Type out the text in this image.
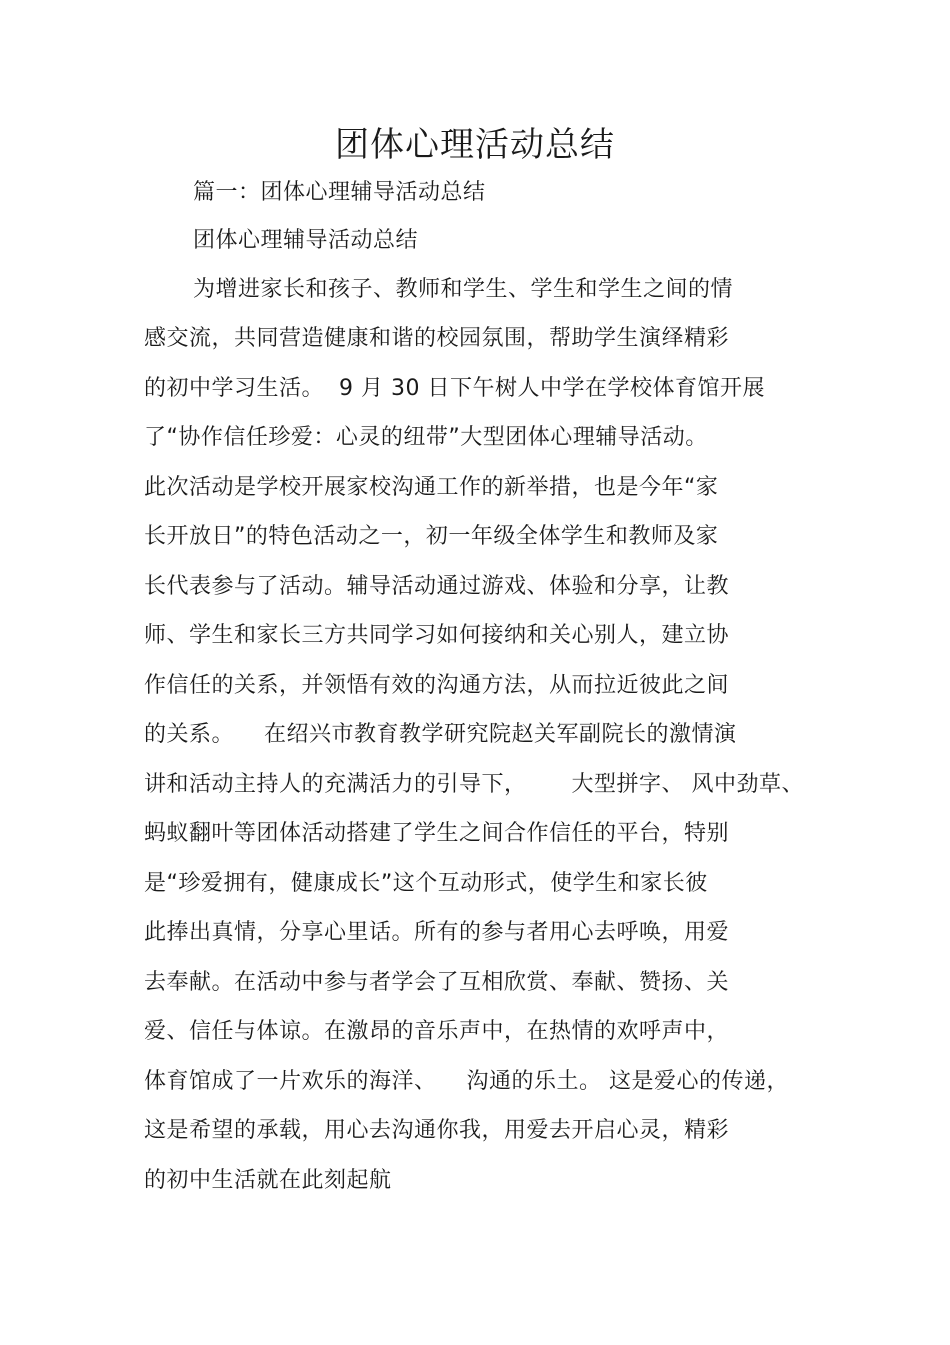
团体心理活动总结
篇一：团体心理辅导活动总结
团体心理辅导活动总结
为增进家长和孩子、教师和学生、学生和学生之间的情
感交流，共同营造健康和谐的校园氛围，帮助学生演绎精彩
的初中学习生活。  9 月 30 日下午树人中学在学校体育馆开展
了“协作信任珍爱：心灵的纽带”大型团体心理辅导活动。
此次活动是学校开展家校沟通工作的新举措，也是今年“家
长开放日”的特色活动之一，初一年级全体学生和教师及家
长代表参与了活动。辅导活动通过游戏、体验和分享，让教
师、学生和家长三方共同学习如何接纳和关心别人，建立协
作信任的关系，并领悟有效的沟通方法，从而拉近彼此之间
的关系。    在绍兴市教育教学研究院赵关军副院长的激情演
讲和活动主持人的充满活力的引导下，      大型拼字、 风中劲草、
蚂蚁翻叶等团体活动搭建了学生之间合作信任的平台，特别
是“珍爱拥有，健康成长”这个互动形式，使学生和家长彼
此捧出真情，分享心里话。所有的参与者用心去呼唤，用爱
去奉献。在活动中参与者学会了互相欣赏、奉献、赞扬、关
爱、信任与体谅。在激昂的音乐声中，在热情的欢呼声中，
体育馆成了一片欢乐的海洋、    沟通的乐土。 这是爱心的传递，
这是希望的承载，用心去沟通你我，用爱去开启心灵，精彩
的初中生活就在此刻起航
